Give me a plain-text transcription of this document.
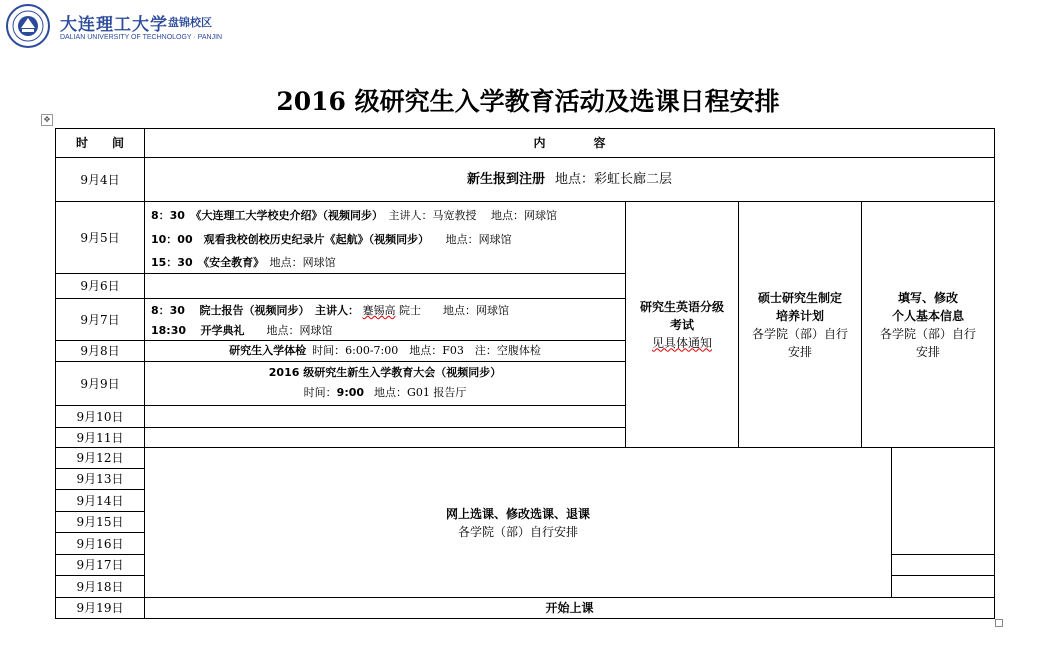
大连理工大学 盘锦校区
DALIAN UNIVERSITY OF TECHNOLOGY · PANJIN
2016 级研究生入学教育活动及选课日程安排
✥
时　　间	内　　　　容
9月4日
9月5日
9月6日
9月7日
9月8日
9月9日
9月10日
9月11日
9月12日
9月13日
9月14日
9月15日
9月16日
9月17日
9月18日
9月19日
新生报到注册 地点：彩虹长廊二层
8：30　 《大连理工大学校史介绍》（视频同步）　 主讲人：马宽教授　 地点：网球馆
10：00　 观看我校创校历史纪录片《起航》（视频同步）　　 地点：网球馆
15：30　 《安全教育》　 地点：网球馆
8：30　 院士报告（视频同步）　 主讲人： 蹇锡高 院士　　地点：网球馆
18:30　 开学典礼　　 地点：网球馆
研究生入学体检 时间：6:00-7:00　地点：F03　注：空腹体检
2016 级研究生新生入学教育大会（视频同步）
时间： 9:00 地点：G01 报告厅
研究生英语分级
考试
见具体通知
硕士研究生制定
培养计划
各学院（部）自行
安排
填写、修改
个人基本信息
各学院（部）自行
安排
网上选课、修改选课、退课
各学院（部）自行安排
开始上课
